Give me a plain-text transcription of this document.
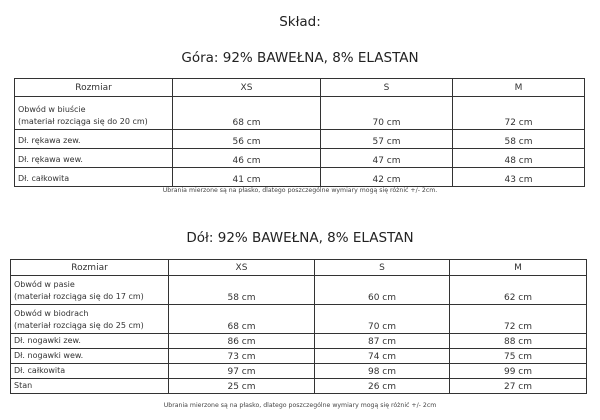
Skład:
Góra: 92% BAWEŁNA, 8% ELASTAN
Rozmiar	XS	S	M

Obwód w biuście
(materiał rozciąga się do 20 cm)	68 cm	70 cm	72 cm

Dł. rękawa zew.	56 cm	57 cm	58 cm

Dł. rękawa wew.	46 cm	47 cm	48 cm

Dł. całkowita	41 cm	42 cm	43 cm
Ubrania mierzone są na płasko, dlatego poszczególne wymiary mogą się różnić +/- 2cm.
Dół: 92% BAWEŁNA, 8% ELASTAN
Rozmiar	XS	S	M

Obwód w pasie
(materiał rozciąga się do 17 cm)	58 cm	60 cm	62 cm

Obwód w biodrach
(materiał rozciąga się do 25 cm)	68 cm	70 cm	72 cm

Dł. nogawki zew.	86 cm	87 cm	88 cm

Dł. nogawki wew.	73 cm	74 cm	75 cm

Dł. całkowita	97 cm	98 cm	99 cm

Stan	25 cm	26 cm	27 cm
Ubrania mierzone są na płasko, dlatego poszczególne wymiary mogą się różnić +/- 2cm
